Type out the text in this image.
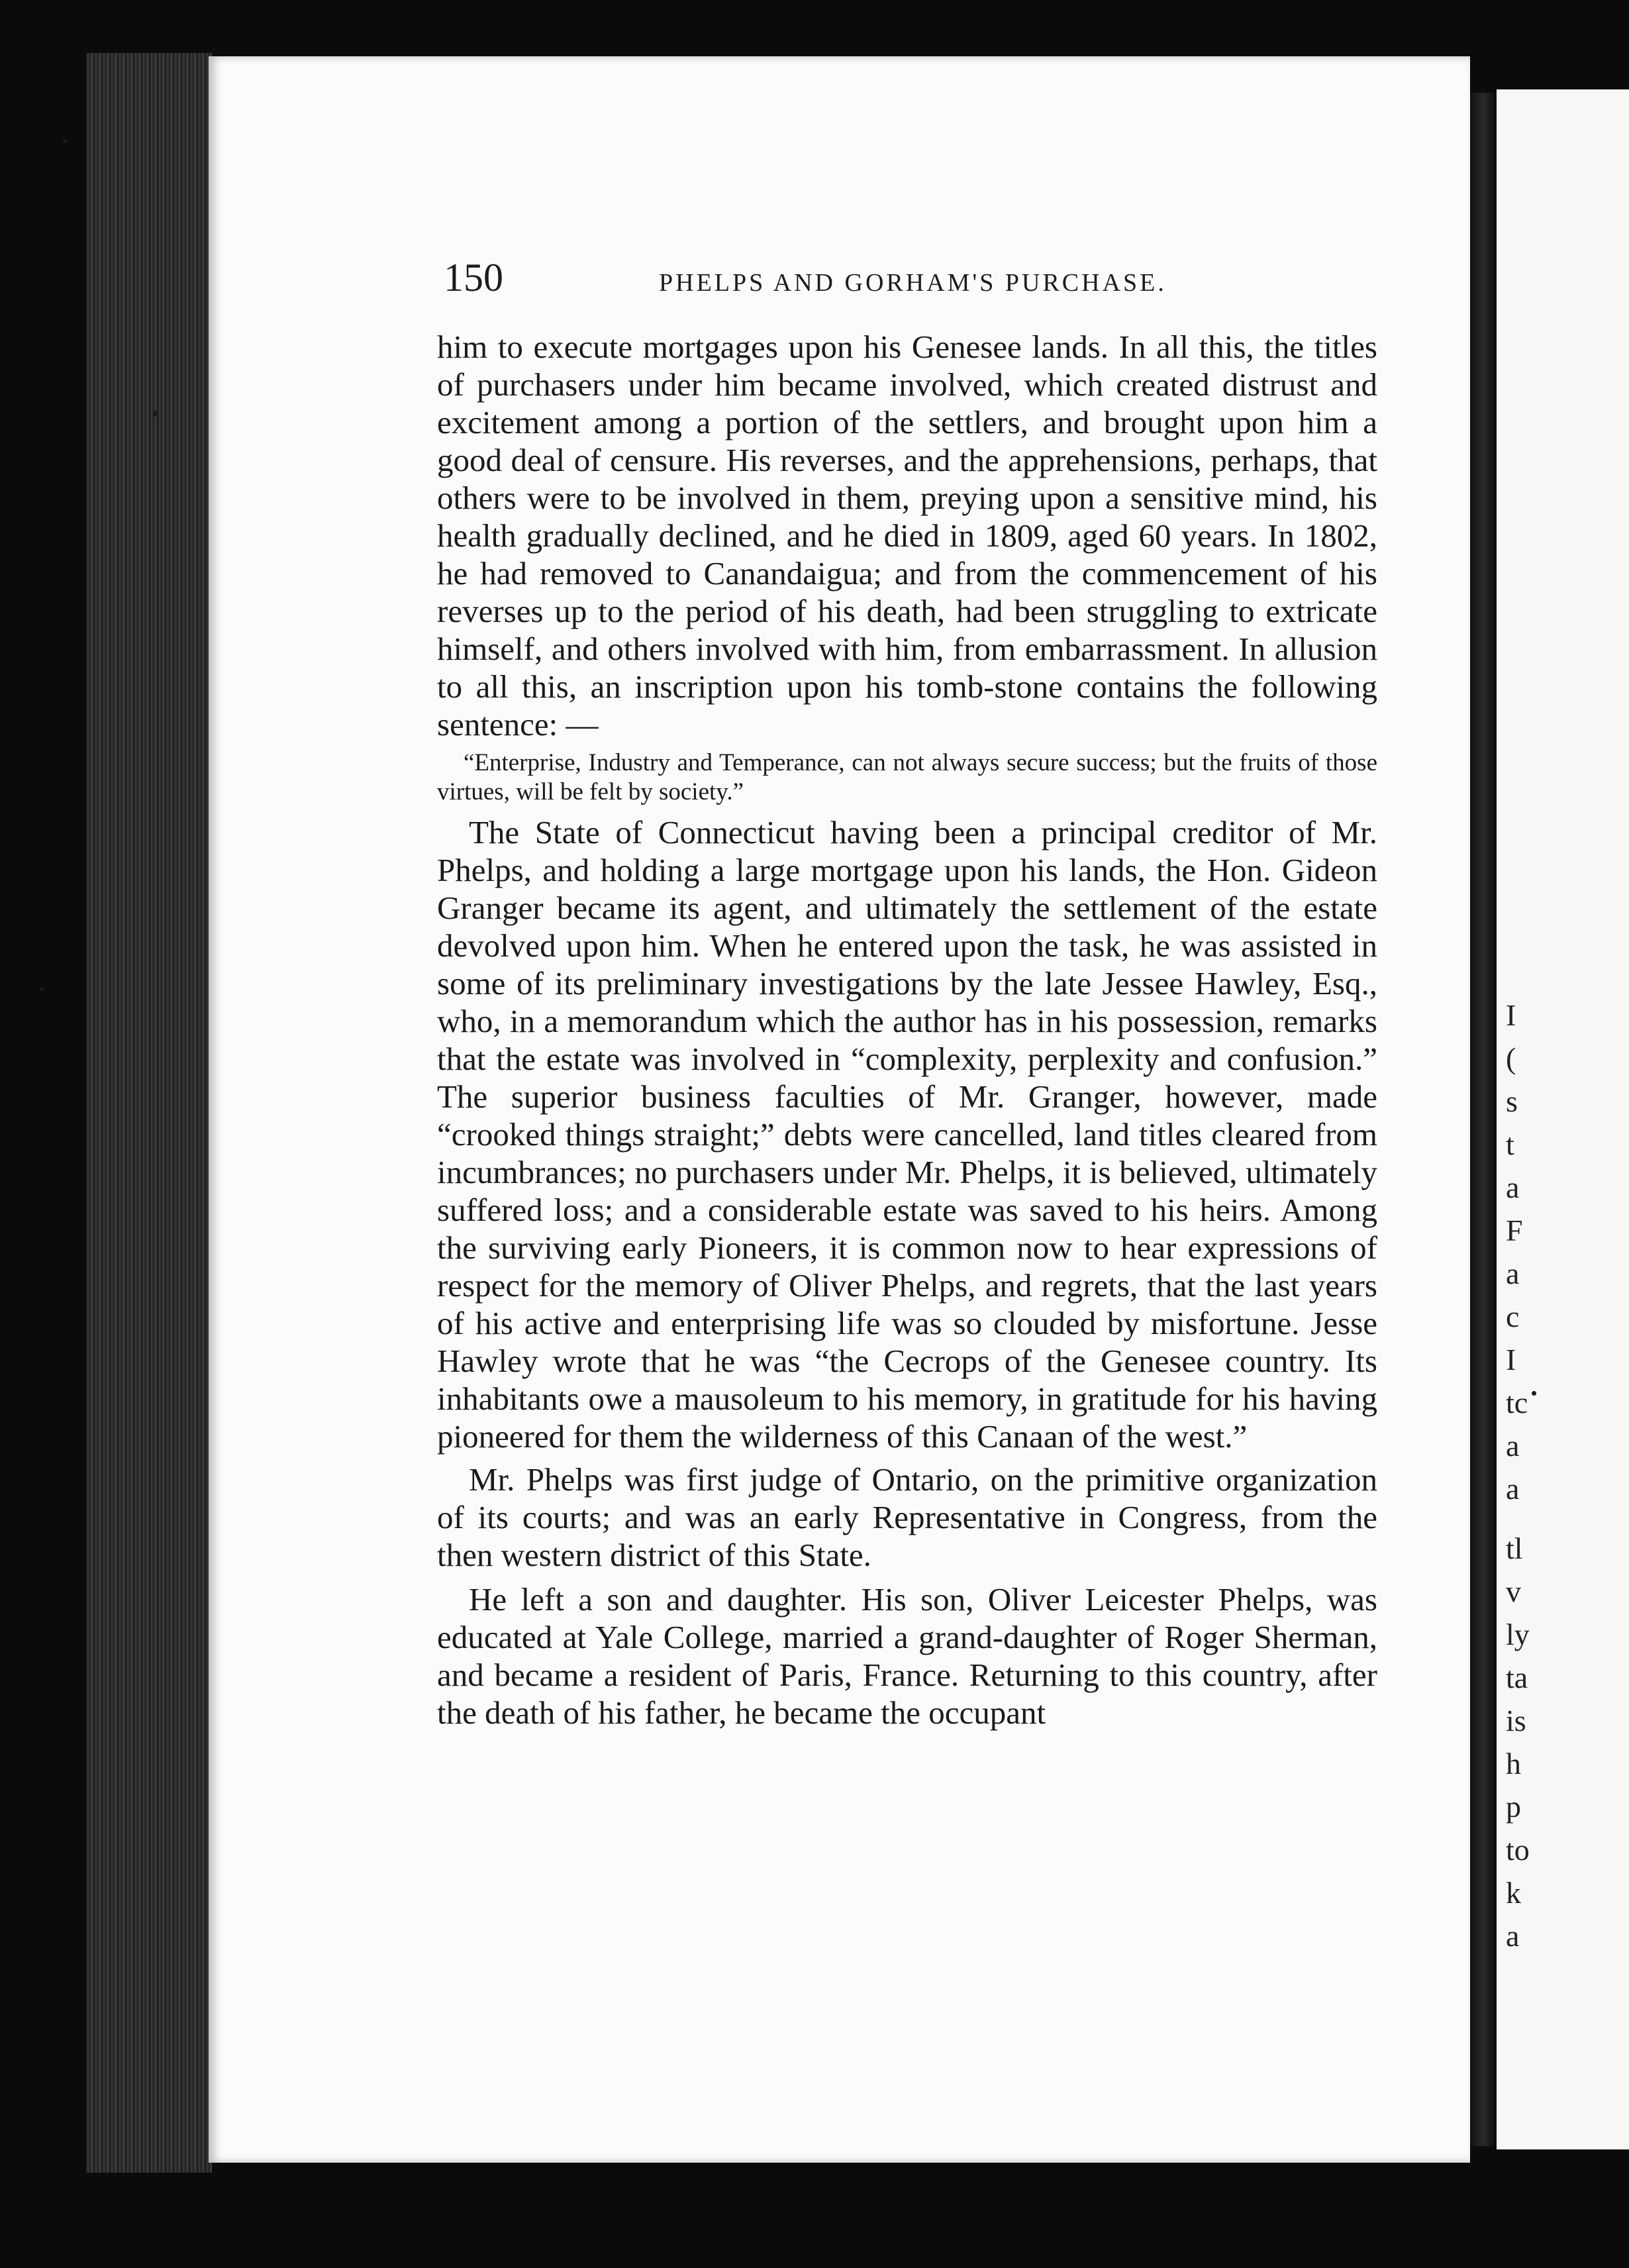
I
(
s
t
a
F
a
c
I
tc
a
a
tl
v
ly
ta
is
h
p
to
k
a
150	PHELPS AND GORHAM'S PURCHASE.

him to execute mortgages upon his Genesee lands. In all this, the titles of purchasers under him became involved, which created distrust and excitement among a portion of the settlers, and brought upon him a good deal of censure. His reverses, and the apprehensions, perhaps, that others were to be involved in them, preying upon a sensitive mind, his health gradually declined, and he died in 1809, aged 60 years. In 1802, he had removed to Canandaigua; and from the commencement of his reverses up to the period of his death, had been struggling to extricate himself, and others involved with him, from embarrassment. In allusion to all this, an inscription upon his tomb-stone contains the following sentence: —

“Enterprise, Industry and Temperance, can not always secure success; but the fruits of those virtues, will be felt by society.”

The State of Connecticut having been a principal creditor of Mr. Phelps, and holding a large mortgage upon his lands, the Hon. Gideon Granger became its agent, and ultimately the settlement of the estate devolved upon him. When he entered upon the task, he was assisted in some of its preliminary investigations by the late Jessee Hawley, Esq., who, in a memorandum which the author has in his possession, remarks that the estate was involved in “complexity, perplexity and confusion.” The superior business faculties of Mr. Granger, however, made “crooked things straight;” debts were cancelled, land titles cleared from incumbrances; no purchasers under Mr. Phelps, it is believed, ultimately suffered loss; and a considerable estate was saved to his heirs. Among the surviving early Pioneers, it is common now to hear expressions of respect for the memory of Oliver Phelps, and regrets, that the last years of his active and enterprising life was so clouded by misfortune. Jesse Hawley wrote that he was “the Cecrops of the Genesee country. Its inhabitants owe a mausoleum to his memory, in gratitude for his having pioneered for them the wilderness of this Canaan of the west.”

Mr. Phelps was first judge of Ontario, on the primitive organization of its courts; and was an early Representative in Congress, from the then western district of this State.

He left a son and daughter. His son, Oliver Leicester Phelps, was educated at Yale College, married a grand-daughter of Roger Sherman, and became a resident of Paris, France. Returning to this country, after the death of his father, he became the occupant
